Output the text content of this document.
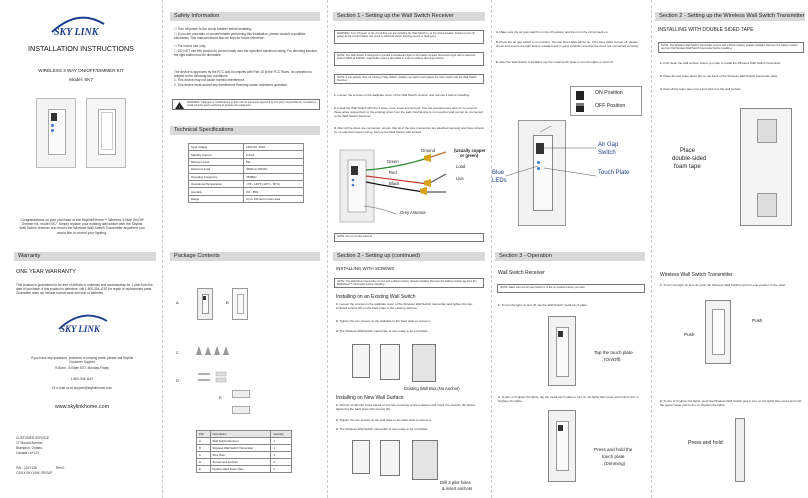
SKY LINK
INSTALLATION INSTRUCTIONS
WIRELESS 3 WAY ON/OFF/DIMMER KIT
Model: SK7
Congratulations on your purchase of the Skylink®Home™ Wireless 3 Way On/Off/ Dimmer Kit, model SK7. Simply replace your existing wall switch with the Skylink Wall Switch receiver and mount the Wireless Wall Switch Transmitter anywhere you would like to control your lighting.
Warranty
ONE YEAR WARRANTY
This product is guaranteed to be free of defects in materials and workmanship for 1 year from the date of purchase. If this product is defective, call 1-800-304-1187 for repair or replacement parts. Guarantee does not include normal wear and tear or batteries.
SKY LINK
If you have any questions, problems or missing parts, please call Skylink Customer Support
9:00am - 5:00pm EST, Monday-Friday
1-800-304-1187
Or e-mail us at support@skylinkhome.com
www.skylinkhome.com
CUSTOMER SERVICE
17 Sheard Avenue,
Brampton, Ontario,
Canada L6Y1J3
P/N : 101Y136	Rev:0
©2014 SKYLINK GROUP
Safety Information
☐ Turn off power to the circuit breaker before installing.
☐ If you are uncertain or uncomfortable performing this installation, please consult a qualified electrician. This manual should also be kept for future reference.
☐ For indoor use only.
☐ DO NOT use this product to control loads over the specified maximum rating. For dimming function, the light bulbs must be dimmable.
The device is approved by the FCC and it complies with Part 15 of the FCC Rules. Its operation is subject to the following two conditions:
1. This device may not cause harmful interference.
2. This device must accept any interference that may cause undesired operation.
!
WARNING: Changes or modifications to this unit not expressly approved by the party responsible for compliance could void the user's authority to operate the equipment.
Technical Specifications
Input Voltage	120V AC, 60Hz
Standby Current	0.2mA
Minimum Load	5W
Maximum Load	300W at 120VAC
Operating Frequency	318MHz
Operational Temperature	-4°F - 140°F (-20°C - 60°C)
Humidity	0% - 85%
Range	Up to 100 feet in open area
Package Contents
A	B
C
D
E
Part	Description	Quantity
A	Wall Switch Receiver	1
B	Wireless Wall Switch Transmitter	1
C	Wire Nuts	4
D	Screws and anchors	2
E	Double-sided Foam Tape	2
Section 1 - Setting up the Wall Switch Receiver
WARNING: Turn off power to the circuit that you are installing the Wall Switch to, at the circuit breaker. Failure to turn off power at the circuit breaker can result in electrical shock, causing severe or fatal injury.
NOTE: The Wall Switch is designed to operate incandescent light or dimmable compact fluorescent light with a maximum load of 300W at 120VAC. Light bulbs must be dimmable in order to achieve dimming function.
NOTE: If you already have an existing 3 Way Switch, disable one switch and replace the other switch with the Wall Switch Receiver.
1. Loosen the screws on the wallplate cover of the Wall Switch receiver and remove it before installing.
2. Install the Wall Switch with the 3 wires; Line, Load and Ground. Use the provided wire nuts (C) to connect these wires respectively to the existing wires from the wall. Neutral wire is not required and cannot be connected to the Wall Switch Receiver.
3. After all the wires are connected, ensure that all of the wire connectors are attached securely and there should be no exposed copper wiring. Secure the Wall Switch with screws.
Ground	(Usually copper
or green)
Green
Red
Black
Load
Live
Grey Antenna
NOTE: Do not cut the antenna.
4. Make sure the air gap switch is in the off position and then turn the circuit back on.
5. Press the air gap switch to on position. The two blue LEDs will be on. If the blue LEDs remain off, please check and ensure the light bulb is installed and in good condition and that the wires are connected correctly.
6. After the Wall Switch is installed, tap the metal touch plate to turn the lights on and off.
ON Position
OFF Position
Air Gap
Switch
Touch Plate
Blue
LEDs
Section 2 - Setting up (continued)
INSTALLING WITH SCREWS
NOTE: The Wall Mount transmitter comes with a lithium battery already installed. Remove the battery isolator tag from the Wall Mount™ transmitter before installing.
Installing on an Existing Wall Switch
1. Loosen the screws on the wallplate cover of the Wireless Wall Switch transmitter and tighten the two included screws (D) on the back plate to the existing wall box.
2. Tighten the two screws on the wallplate to the back plate to secure it.
3. The Wireless Wall Switch transmitter is now ready to be controlled.
Existing Wall Box (No Anchor)
Installing on New Wall Surface
1. Drill two small pilot holes based on the two mounting screw positions and insert the anchors (D) before tightening the back plate with screws (D).
2. Tighten the two screws on the wall plate to the back plate to secure it.
3. The Wireless Wall Switch transmitter is now ready to be controlled.
Drill 2 pilot holes
& insert anchors
Section 3 - Operation
Wall Switch Receiver
NOTE: Make sure the Air Gap Switch is in the on position before you start.
1. To turn the light on and off, tap the Wall Switch metal touch plate.
Tap the touch plate
(On/Off)
2. To dim or brighten the lights, tap the metal touch plate to turn on the lights then press and hold to dim or brighten the lights.
Press and hold the
touch plate
(Dimming)
Wireless Wall Switch Transmitter
1. To turn the light on and off, push the Wireless Wall Switch pad from one position to the other.
Push
Push
2. To dim or brighten the lights, push the Wireless Wall Switch pad to turn on the lights then press and hold the upper/ lower pad to dim or brighten the lights.
Press and hold
Section 2 - Setting up the Wireless Wall Switch Transmitter
INSTALLING WITH DOUBLE SIDED TAPE
NOTE: The Wireless Wall Switch Transmitter comes with a lithium battery already installed. Remove the battery isolator tag from the Wireless Wall Switch transmitter before installing.
1. First clean the wall surface where you plan to install the Wireless Wall Switch transmitter.
2. Place the two foam tapes (E) on the back of the Wireless Wall Switch transmitter plate.
3. Peel off the foam tape cover and stick it to the wall surface.
Place
double-sided
foam tape
